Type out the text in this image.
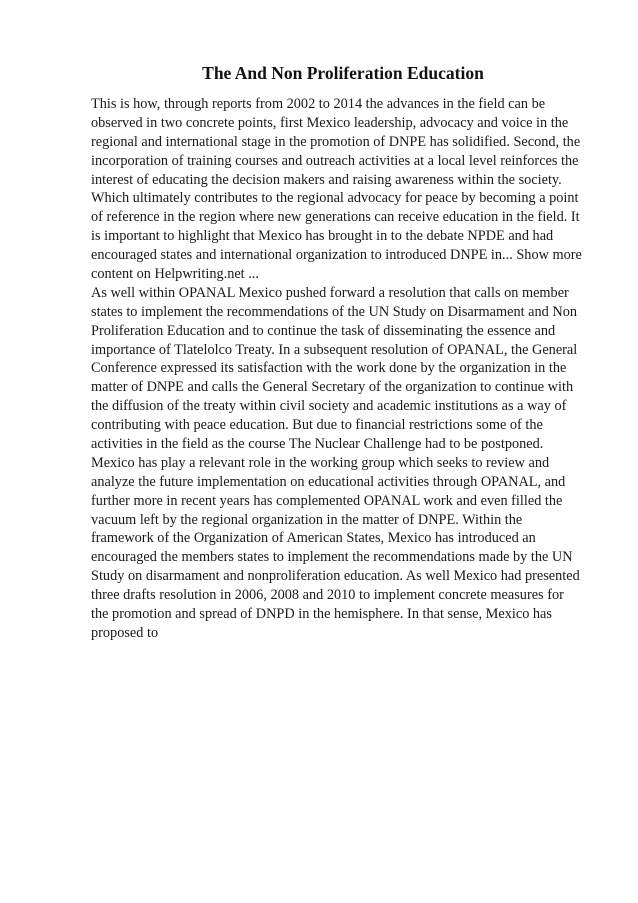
The And Non Proliferation Education
This is how, through reports from 2002 to 2014 the advances in the field can be
observed in two concrete points, first Mexico leadership, advocacy and voice in the
regional and international stage in the promotion of DNPE has solidified. Second, the
incorporation of training courses and outreach activities at a local level reinforces the
interest of educating the decision makers and raising awareness within the society.
Which ultimately contributes to the regional advocacy for peace by becoming a point
of reference in the region where new generations can receive education in the field. It
is important to highlight that Mexico has brought in to the debate NPDE and had
encouraged states and international organization to introduced DNPE in... Show more
content on Helpwriting.net ...
As well within OPANAL Mexico pushed forward a resolution that calls on member
states to implement the recommendations of the UN Study on Disarmament and Non
Proliferation Education and to continue the task of disseminating the essence and
importance of Tlatelolco Treaty. In a subsequent resolution of OPANAL, the General
Conference expressed its satisfaction with the work done by the organization in the
matter of DNPE and calls the General Secretary of the organization to continue with
the diffusion of the treaty within civil society and academic institutions as a way of
contributing with peace education. But due to financial restrictions some of the
activities in the field as the course The Nuclear Challenge had to be postponed.
Mexico has play a relevant role in the working group which seeks to review and
analyze the future implementation on educational activities through OPANAL, and
further more in recent years has complemented OPANAL work and even filled the
vacuum left by the regional organization in the matter of DNPE. Within the
framework of the Organization of American States, Mexico has introduced an
encouraged the members states to implement the recommendations made by the UN
Study on disarmament and nonproliferation education. As well Mexico had presented
three drafts resolution in 2006, 2008 and 2010 to implement concrete measures for
the promotion and spread of DNPD in the hemisphere. In that sense, Mexico has
proposed to
